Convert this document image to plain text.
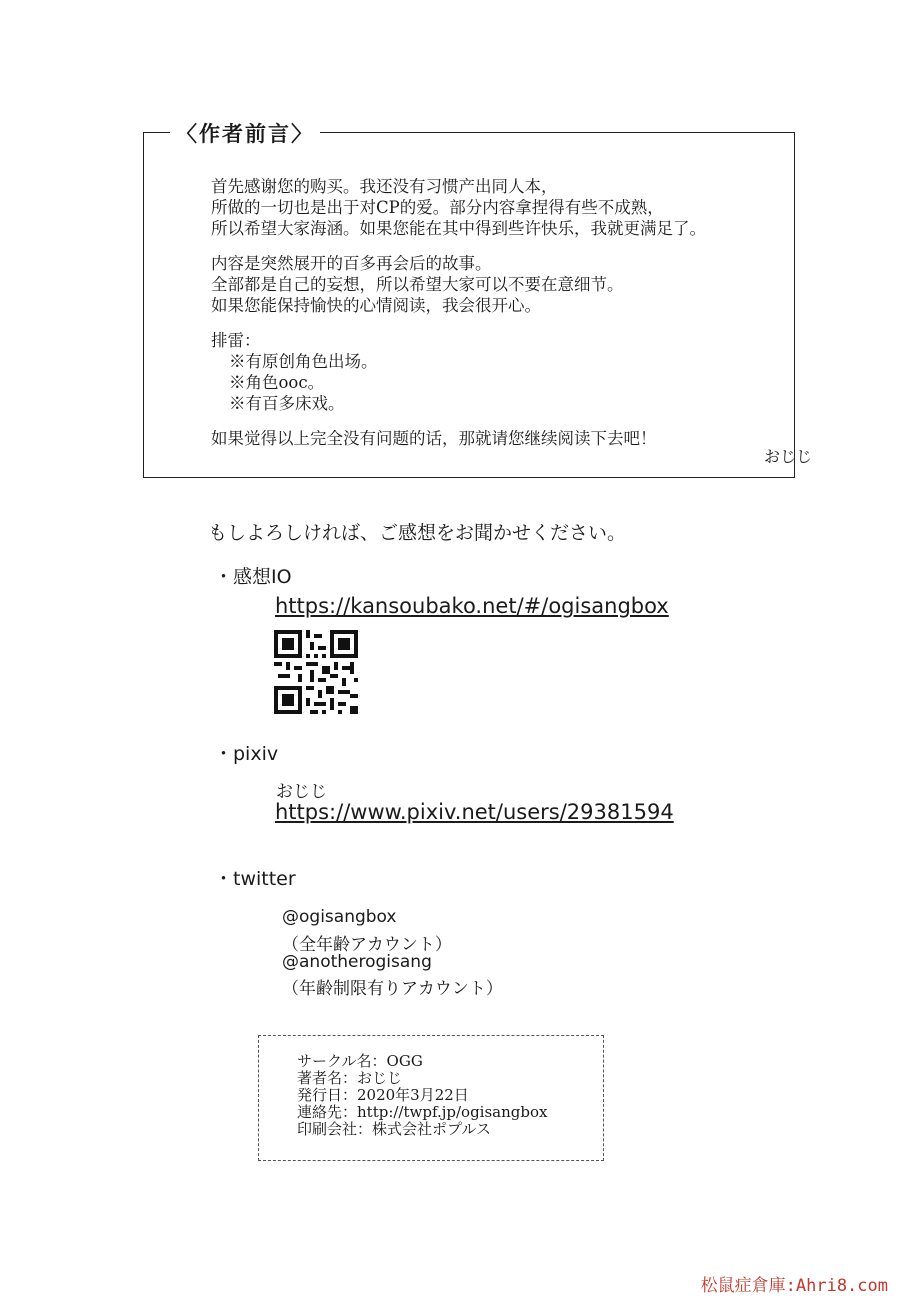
〈作者前言〉

首先感谢您的购买。我还没有习惯产出同人本，

所做的一切也是出于对CP的爱。部分内容拿捏得有些不成熟，

所以希望大家海涵。如果您能在其中得到些许快乐，我就更满足了。

内容是突然展开的百多再会后的故事。

全部都是自己的妄想，所以希望大家可以不要在意细节。

如果您能保持愉快的心情阅读，我会很开心。

排雷：

※有原创角色出场。

※角色ooc。

※有百多床戏。

如果觉得以上完全没有问题的话，那就请您继续阅读下去吧！

おじじ
もしよろしければ、ご感想をお聞かせください。
・感想IO
https://kansoubako.net/#/ogisangbox
・pixiv
おじじ
https://www.pixiv.net/users/29381594
・twitter
@ogisangbox
（全年齢アカウント）
@anotherogisang
（年齢制限有りアカウント）

サークル名：OGG

著者名：おじじ

発行日：2020年3月22日

連絡先：http://twpf.jp/ogisangbox

印刷会社：株式会社ポプルス

松鼠症倉庫:Ahri8.com
